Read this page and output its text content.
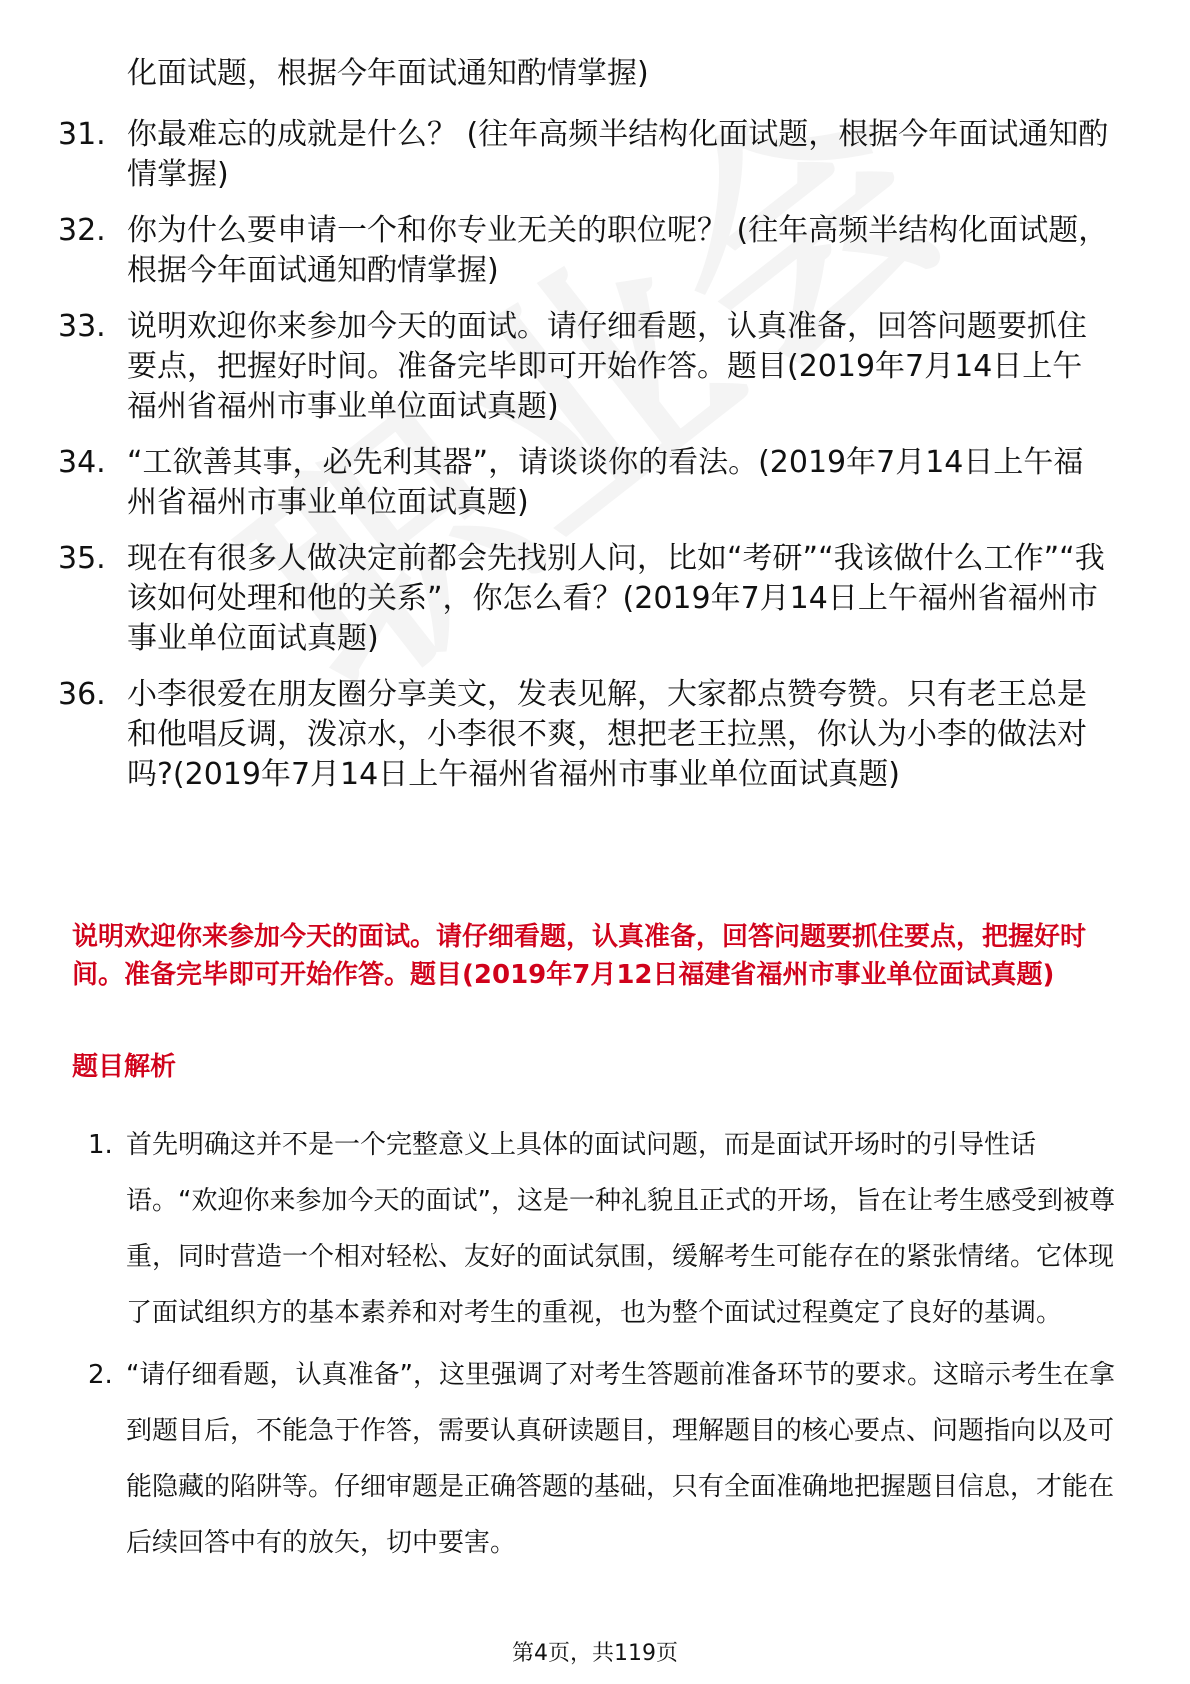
化面试题，根据今年面试通知酌情掌握)

31. 你最难忘的成就是什么？ (往年高频半结构化面试题，根据今年面试通知酌情掌握)
32. 你为什么要申请一个和你专业无关的职位呢？ (往年高频半结构化面试题，根据今年面试通知酌情掌握)
33. 说明欢迎你来参加今天的面试。请仔细看题，认真准备，回答问题要抓住要点，把握好时间。准备完毕即可开始作答。题目(2019年7月14日上午福州省福州市事业单位面试真题)
34. “工欲善其事，必先利其器”，请谈谈你的看法。(2019年7月14日上午福州省福州市事业单位面试真题)
35. 现在有很多人做决定前都会先找别人问，比如“考研”“我该做什么工作”“我该如何处理和他的关系”，你怎么看？(2019年7月14日上午福州省福州市事业单位面试真题)
36. 小李很爱在朋友圈分享美文，发表见解，大家都点赞夸赞。只有老王总是和他唱反调，泼凉水，小李很不爽，想把老王拉黑，你认为小李的做法对吗?(2019年7月14日上午福州省福州市事业单位面试真题)

说明欢迎你来参加今天的面试。请仔细看题，认真准备，回答问题要抓住要点，把握好时间。准备完毕即可开始作答。题目(2019年7月12日福建省福州市事业单位面试真题)

题目解析

1. 首先明确这并不是一个完整意义上具体的面试问题，而是面试开场时的引导性话语。“欢迎你来参加今天的面试”，这是一种礼貌且正式的开场，旨在让考生感受到被尊重，同时营造一个相对轻松、友好的面试氛围，缓解考生可能存在的紧张情绪。它体现了面试组织方的基本素养和对考生的重视，也为整个面试过程奠定了良好的基调。
2. “请仔细看题，认真准备”，这里强调了对考生答题前准备环节的要求。这暗示考生在拿到题目后，不能急于作答，需要认真研读题目，理解题目的核心要点、问题指向以及可能隐藏的陷阱等。仔细审题是正确答题的基础，只有全面准确地把握题目信息，才能在后续回答中有的放矢，切中要害。
第4页，共119页
